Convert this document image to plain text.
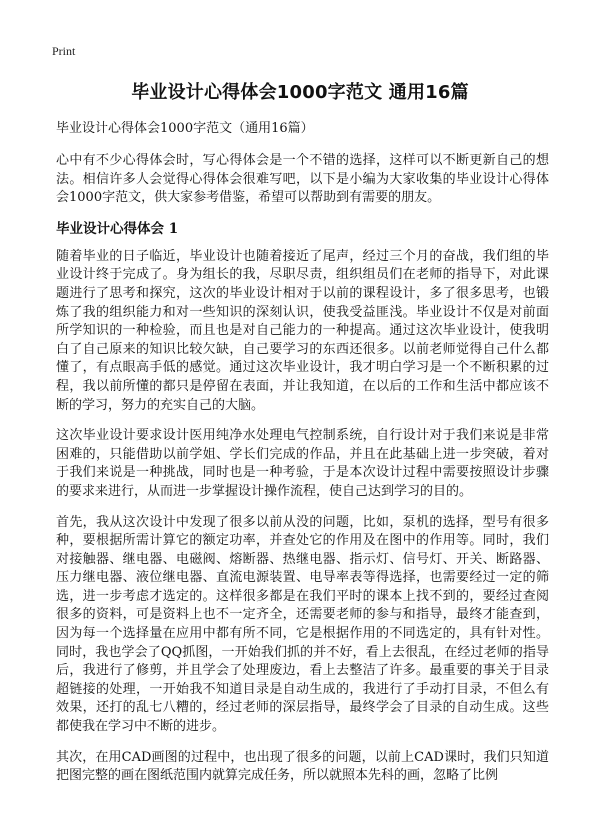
Print
毕业设计心得体会1000字范文 通用16篇

毕业设计心得体会1000字范文（通用16篇）

心中有不少心得体会时，写心得体会是一个不错的选择，这样可以不断更新自己的想法。相信许多人会觉得心得体会很难写吧，以下是小编为大家收集的毕业设计心得体会1000字范文，供大家参考借鉴，希望可以帮助到有需要的朋友。

毕业设计心得体会 1

随着毕业的日子临近，毕业设计也随着接近了尾声，经过三个月的奋战，我们组的毕业设计终于完成了。身为组长的我，尽职尽责，组织组员们在老师的指导下，对此课题进行了思考和探究，这次的毕业设计相对于以前的课程设计，多了很多思考，也锻炼了我的组织能力和对一些知识的深刻认识，使我受益匪浅。毕业设计不仅是对前面所学知识的一种检验，而且也是对自己能力的一种提高。通过这次毕业设计，使我明白了自己原来的知识比较欠缺，自己要学习的东西还很多。以前老师觉得自己什么都懂了，有点眼高手低的感觉。通过这次毕业设计，我才明白学习是一个不断积累的过程，我以前所懂的都只是停留在表面，并让我知道，在以后的工作和生活中都应该不断的学习，努力的充实自己的大脑。

这次毕业设计要求设计医用纯净水处理电气控制系统，自行设计对于我们来说是非常困难的，只能借助以前学姐、学长们完成的作品，并且在此基础上进一步突破，着对于我们来说是一种挑战，同时也是一种考验，于是本次设计过程中需要按照设计步骤的要求来进行，从而进一步掌握设计操作流程，使自己达到学习的目的。

首先，我从这次设计中发现了很多以前从没的问题，比如，泵机的选择，型号有很多种，要根据所需计算它的额定功率，并查处它的作用及在图中的作用等。同时，我们对接触器、继电器、电磁阀、熔断器、热继电器、指示灯、信号灯、开关、断路器、压力继电器、液位继电器、直流电源装置、电导率表等得选择，也需要经过一定的筛选，进一步考虑才选定的。这样很多都是在我们平时的课本上找不到的，要经过查阅很多的资料，可是资料上也不一定齐全，还需要老师的参与和指导，最终才能查到，因为每一个选择量在应用中都有所不同，它是根据作用的不同选定的，具有针对性。同时，我也学会了QQ抓图，一开始我们抓的并不好，看上去很乱，在经过老师的指导后，我进行了修剪，并且学会了处理废边，看上去整洁了许多。最重要的事关于目录超链接的处理，一开始我不知道目录是自动生成的，我进行了手动打目录，不但么有效果，还打的乱七八糟的，经过老师的深层指导，最终学会了目录的自动生成。这些都使我在学习中不断的进步。

其次，在用CAD画图的过程中，也出现了很多的问题，以前上CAD课时，我们只知道把图完整的画在图纸范围内就算完成任务，所以就照本先科的画，忽略了比例
